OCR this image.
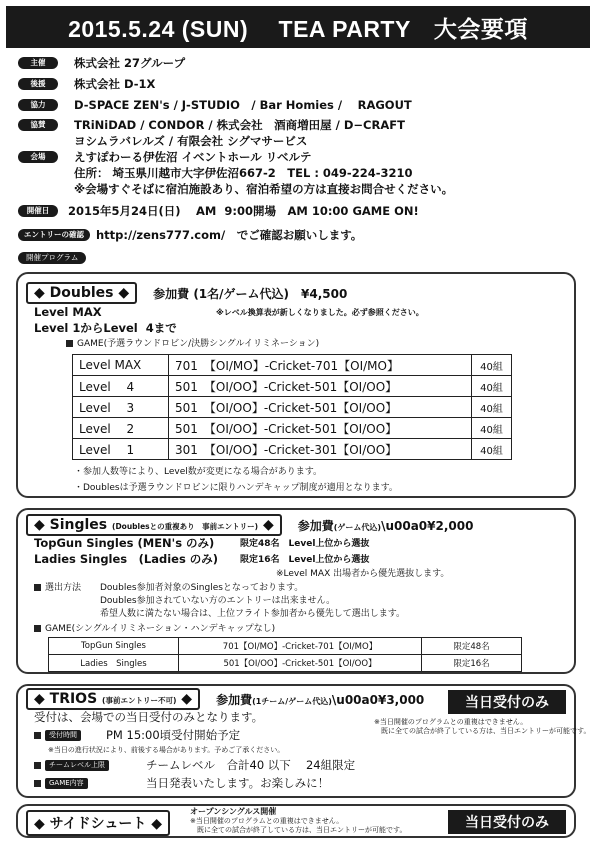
2015.5.24 (SUN)　 TEA PARTY　大会要項
主催	株式会社 27グループ
後援	株式会社 D-1X
協力	D-SPACE ZEN's / J-STUDIO　/ Bar Homies /　 RAGOUT
協賛	TRiNiDAD / CONDOR / 株式会社　酒商増田屋 / D−CRAFT
ヨシムラバレルズ / 有限会社 シグマサービス
会場	えすぽわーる伊佐沼 イベントホール リベルテ
住所： 埼玉県川越市大字伊佐沼667-2　TEL : 049-224-3210
※会場すぐそばに宿泊施設あり、宿泊希望の方は直接お問合せください。
開催日	2015年5月24日(日)　 AM  9:00開場　AM 10:00 GAME ON!
エントリーの確認	http://zens777.com/　でご確認お願いします。
開催プログラム
◆ Doubles ◆	参加費 (1名/ゲーム代込)　¥4,500
Level MAX	※レベル換算表が新しくなりました。必ず参照ください。
Level 1からLevel  4まで
GAME(予選ラウンドロビン/決勝シングルイリミネーション)
Level MAX	701　【OI/MO】-Cricket-701【OI/MO】	40組
Level　 4	501　【OI/OO】-Cricket-501【OI/OO】	40組
Level　 3	501　【OI/OO】-Cricket-501【OI/OO】	40組
Level　 2	501　【OI/OO】-Cricket-501【OI/OO】	40組
Level　 1	301　【OI/OO】-Cricket-301【OI/OO】	40組
・参加人数等により、Level数が変更になる場合があります。
・Doublesは予選ラウンドロビンに限りハンデキャップ制度が適用となります。
◆ Singles (Doublesとの重複あり　事前エントリー) ◆	参加費(ゲーム代込)\u00a0¥2,000
TopGun Singles (MEN's のみ)	限定48名　Level上位から選抜
Ladies Singles　(Ladies のみ) 限定16名　Level上位から選抜
※Level MAX 出場者から優先選抜します。
選出方法 Doubles参加者対象のSinglesとなっております。
Doubles参加されていない方のエントリーは出来ません。
希望人数に満たない場合は、上位フライト参加者から優先して選出します。
GAME(シングルイリミネーション・ハンデキャップなし)
TopGun Singles	701【OI/MO】-Cricket-701【OI/MO】	限定48名
Ladies　Singles	501【OI/OO】-Cricket-501【OI/OO】	限定16名
◆ TRIOS (事前エントリー不可) ◆	参加費(1チーム/ゲーム代込)\u00a0¥3,000	当日受付のみ
受付は、会場での当日受付のみとなります。	※当日開催のプログラムとの重複はできません。
　既に全ての試合が終了している方は、当日エントリーが可能です。
受付時間	PM 15:00頃受付開始予定
※当日の進行状況により、前後する場合があります。予めご了承ください。
チームレベル上限	チームレベル　合計40 以下　 24組限定
GAME内容	当日発表いたします。お楽しみに！
◆ サイドシュート ◆
オープンシングルス開催
※当日開催のプログラムとの重複はできません。
　既に全ての試合が終了している方は、当日エントリーが可能です。	当日受付のみ
